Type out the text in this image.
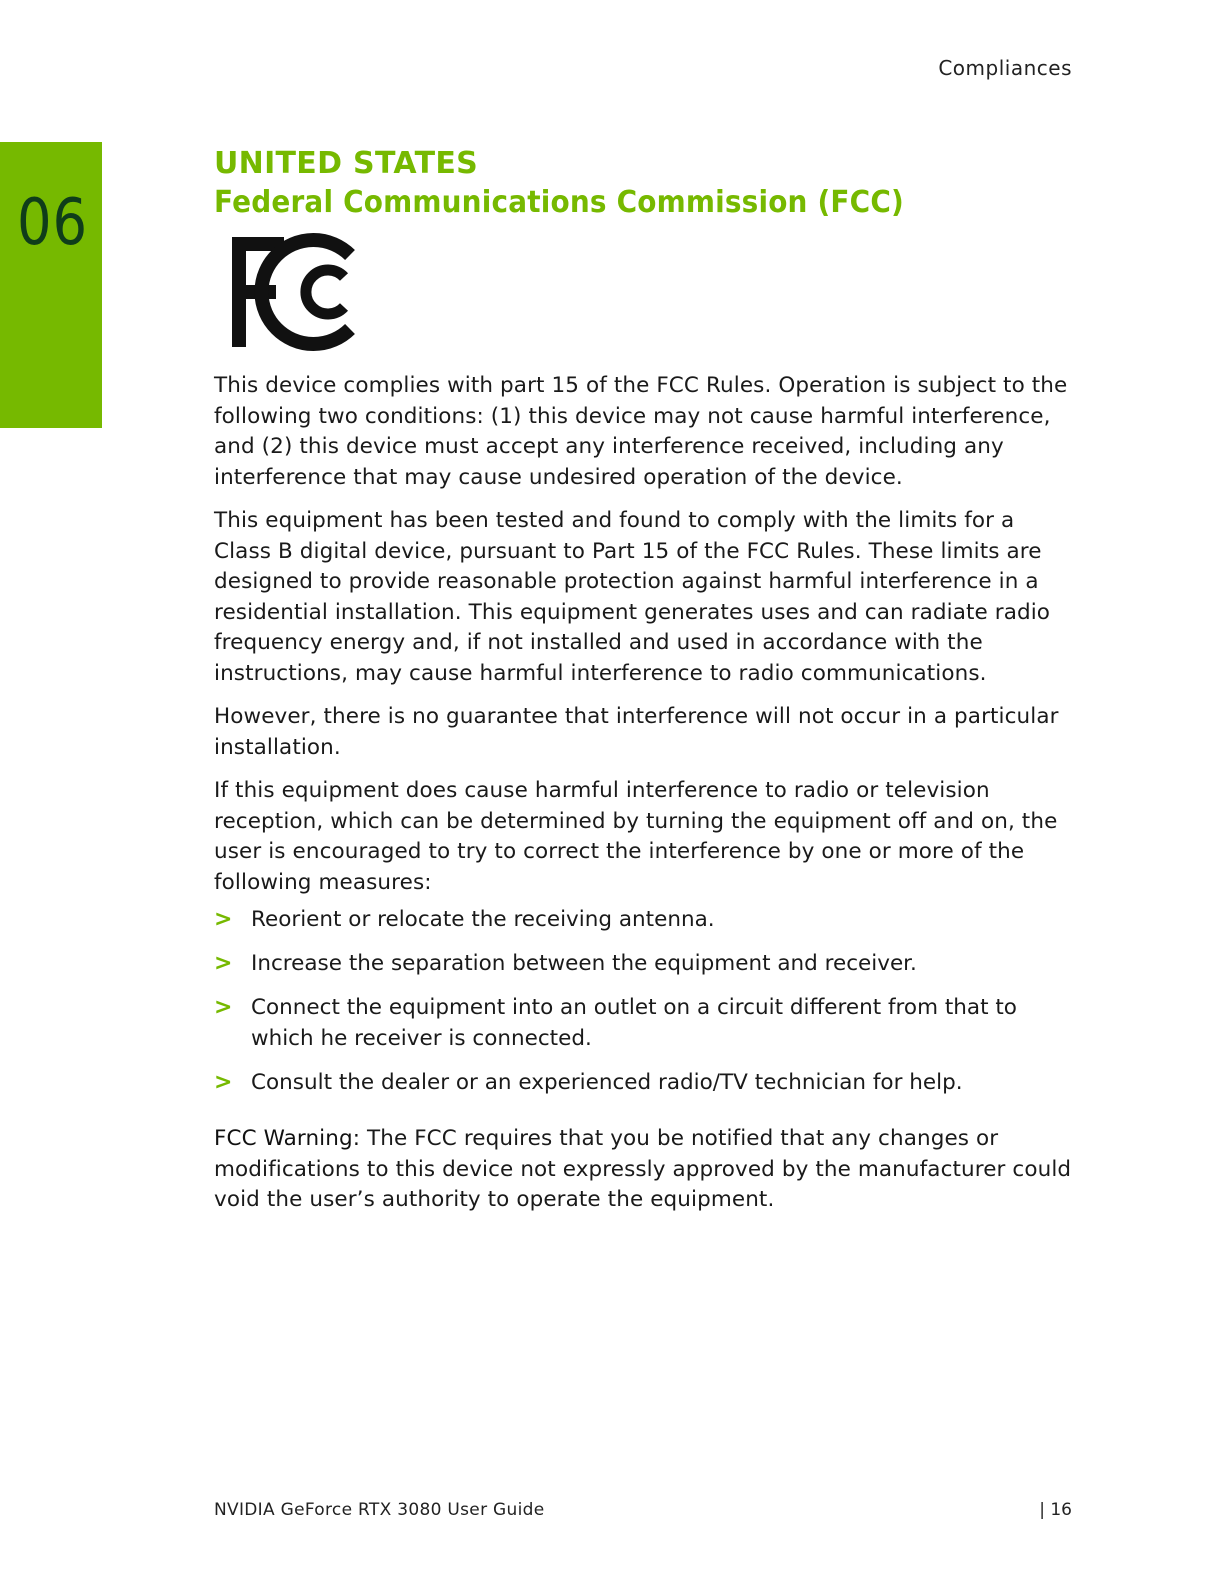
Compliances
06
UNITED STATES
Federal Communications Commission (FCC)

This device complies with part 15 of the FCC Rules. Operation is subject to the following two conditions: (1) this device may not cause harmful interference, and (2) this device must accept any interference received, including any interference that may cause undesired operation of the device.

This equipment has been tested and found to comply with the limits for a Class B digital device, pursuant to Part 15 of the FCC Rules. These limits are designed to provide reasonable protection against harmful interference in a residential installation. This equipment generates uses and can radiate radio frequency energy and, if not installed and used in accordance with the instructions, may cause harmful interference to radio communications.

However, there is no guarantee that interference will not occur in a particular installation.

If this equipment does cause harmful interference to radio or television reception, which can be determined by turning the equipment off and on, the user is encouraged to try to correct the interference by one or more of the following measures:

> Reorient or relocate the receiving antenna.
> Increase the separation between the equipment and receiver.
> Connect the equipment into an outlet on a circuit different from that to which he receiver is connected.
> Consult the dealer or an experienced radio/TV technician for help.

FCC Warning: The FCC requires that you be notified that any changes or modifications to this device not expressly approved by the manufacturer could void the user’s authority to operate the equipment.

NVIDIA GeForce RTX 3080 User Guide	| 16
